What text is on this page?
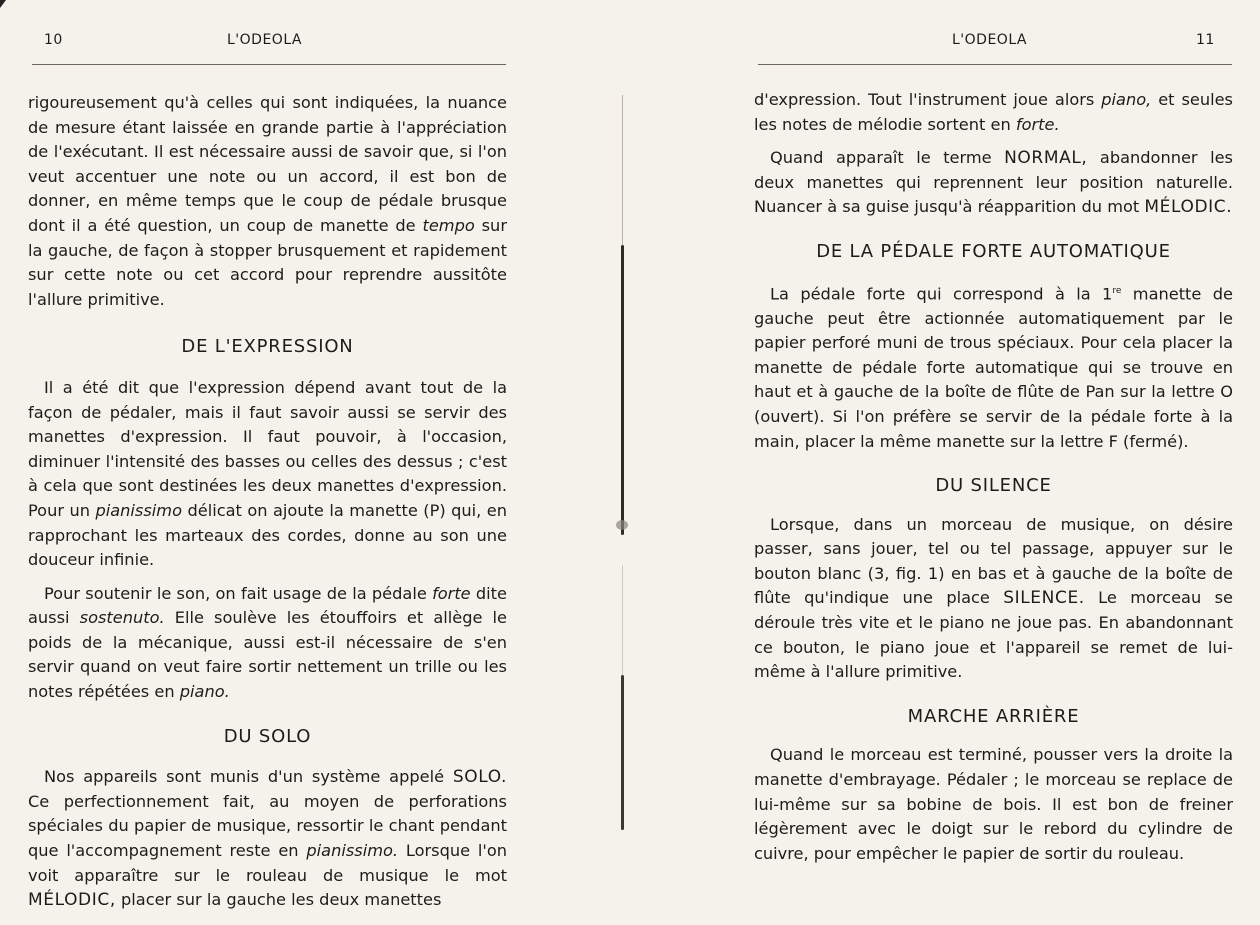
10	L'ODEOLA

rigoureusement qu'à celles qui sont indiquées, la nuance de mesure étant laissée en grande partie à l'appréciation de l'exécutant. Il est nécessaire aussi de savoir que, si l'on veut accentuer une note ou un accord, il est bon de donner, en même temps que le coup de pédale brusque dont il a été question, un coup de manette de tempo sur la gauche, de façon à stopper brusquement et rapidement sur cette note ou cet accord pour reprendre aussitôte l'allure primitive.

DE L'EXPRESSION

Il a été dit que l'expression dépend avant tout de la façon de pédaler, mais il faut savoir aussi se servir des manettes d'expression. Il faut pouvoir, à l'occasion, diminuer l'intensité des basses ou celles des dessus ; c'est à cela que sont destinées les deux manettes d'expression. Pour un pianissimo délicat on ajoute la manette (P) qui, en rapprochant les marteaux des cordes, donne au son une douceur infinie.

Pour soutenir le son, on fait usage de la pédale forte dite aussi sostenuto. Elle soulève les étouffoirs et allège le poids de la mécanique, aussi est-il nécessaire de s'en servir quand on veut faire sortir nettement un trille ou les notes répétées en piano.

DU SOLO

Nos appareils sont munis d'un système appelé SOLO. Ce perfectionnement fait, au moyen de perforations spéciales du papier de musique, ressortir le chant pendant que l'accompagnement reste en pianissimo. Lorsque l'on voit apparaître sur le rouleau de musique le mot MÉLODIC, placer sur la gauche les deux manettes

L'ODEOLA	11

d'expression. Tout l'instrument joue alors piano, et seules les notes de mélodie sortent en forte.

Quand apparaît le terme NORMAL, abandonner les deux manettes qui reprennent leur position naturelle. Nuancer à sa guise jusqu'à réapparition du mot MÉLODIC.

DE LA PÉDALE FORTE AUTOMATIQUE

La pédale forte qui correspond à la 1re manette de gauche peut être actionnée automatiquement par le papier perforé muni de trous spéciaux. Pour cela placer la manette de pédale forte automatique qui se trouve en haut et à gauche de la boîte de flûte de Pan sur la lettre O (ouvert). Si l'on préfère se servir de la pédale forte à la main, placer la même manette sur la lettre F (fermé).

DU SILENCE

Lorsque, dans un morceau de musique, on désire passer, sans jouer, tel ou tel passage, appuyer sur le bouton blanc (3, fig. 1) en bas et à gauche de la boîte de flûte qu'indique une place SILENCE. Le morceau se déroule très vite et le piano ne joue pas. En abandonnant ce bouton, le piano joue et l'appareil se remet de lui-même à l'allure primitive.

MARCHE ARRIÈRE

Quand le morceau est terminé, pousser vers la droite la manette d'embrayage. Pédaler ; le morceau se replace de lui-même sur sa bobine de bois. Il est bon de freiner légèrement avec le doigt sur le rebord du cylindre de cuivre, pour empêcher le papier de sortir du rouleau.
